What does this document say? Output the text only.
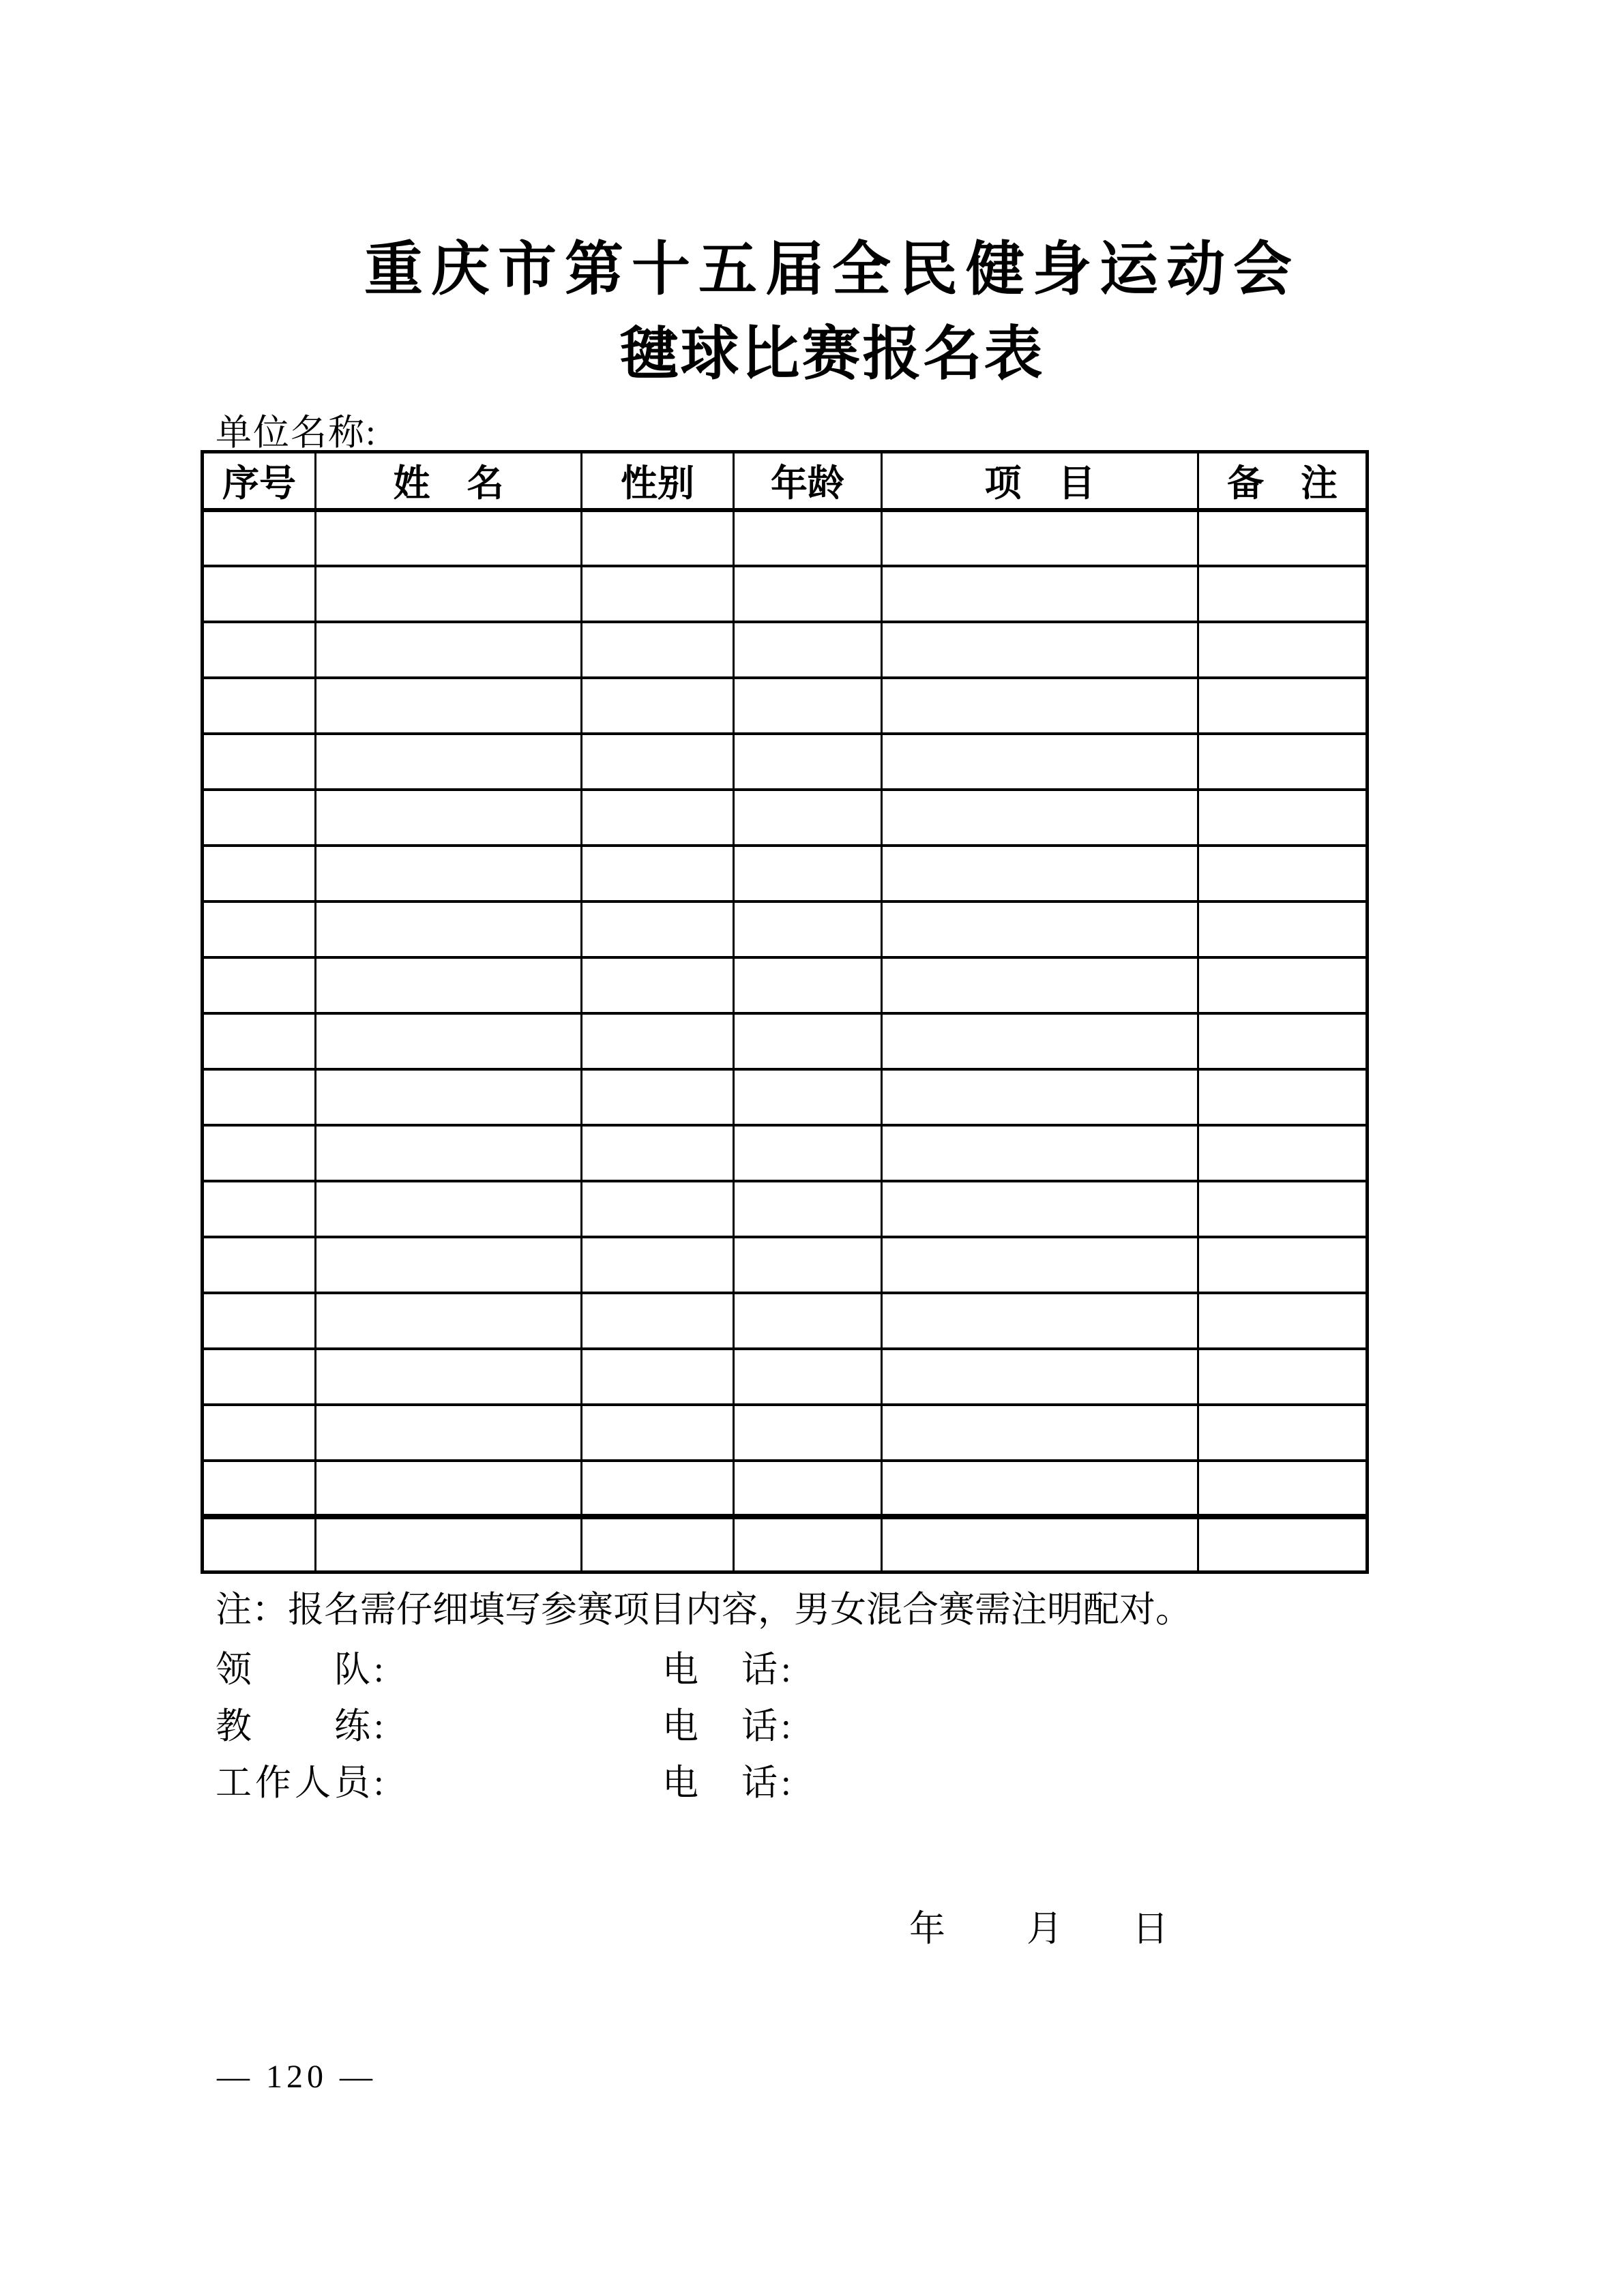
重庆市第十五届全民健身运动会
毽球比赛报名表
单位名称:
序号	姓　名	性别	年龄	项　目	备　注

注：报名需仔细填写参赛项目内容，男女混合赛需注明配对。
领　　队:	电　话:
教　　练:	电　话:
工作人员:	电　话:
年 月 日
— 120 —
